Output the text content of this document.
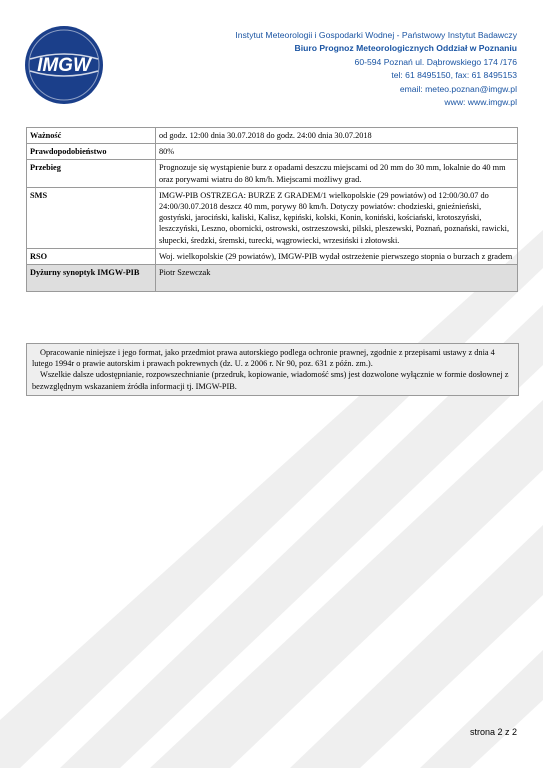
IMGW
Instytut Meteorologii i Gospodarki Wodnej - Państwowy Instytut Badawczy
Biuro Prognoz Meteorologicznych Oddział w Poznaniu
60-594 Poznań ul. Dąbrowskiego 174 /176
tel: 61 8495150, fax: 61 8495153
email: meteo.poznan@imgw.pl
www: www.imgw.pl
Ważność	od godz. 12:00 dnia 30.07.2018 do godz. 24:00 dnia 30.07.2018
Prawdopodobieństwo	80%
Przebieg	Prognozuje się wystąpienie burz z opadami deszczu miejscami od 20 mm do 30 mm, lokalnie do 40 mm oraz porywami wiatru do 80 km/h. Miejscami możliwy grad.
SMS	IMGW-PIB OSTRZEGA: BURZE Z GRADEM/1 wielkopolskie (29 powiatów) od 12:00/30.07 do 24:00/30.07.2018 deszcz 40 mm, porywy 80 km/h. Dotyczy powiatów: chodzieski, gnieźnieński, gostyński, jarociński, kaliski, Kalisz, kępiński, kolski, Konin, koniński, kościański, krotoszyński, leszczyński, Leszno, obornicki, ostrowski, ostrzeszowski, pilski, pleszewski, Poznań, poznański, rawicki, słupecki, średzki, śremski, turecki, wągrowiecki, wrzesiński i złotowski.
RSO	Woj. wielkopolskie (29 powiatów), IMGW-PIB wydał ostrzeżenie pierwszego stopnia o burzach z gradem
Dyżurny synoptyk IMGW-PIB	Piotr Szewczak

Opracowanie niniejsze i jego format, jako przedmiot prawa autorskiego podlega ochronie prawnej, zgodnie z przepisami ustawy z dnia 4 lutego 1994r o prawie autorskim i prawach pokrewnych (dz. U. z 2006 r. Nr 90, poz. 631 z późn. zm.).

Wszelkie dalsze udostępnianie, rozpowszechnianie (przedruk, kopiowanie, wiadomość sms) jest dozwolone wyłącznie w formie dosłownej z bezwzględnym wskazaniem źródła informacji tj. IMGW-PIB.

strona 2 z 2
